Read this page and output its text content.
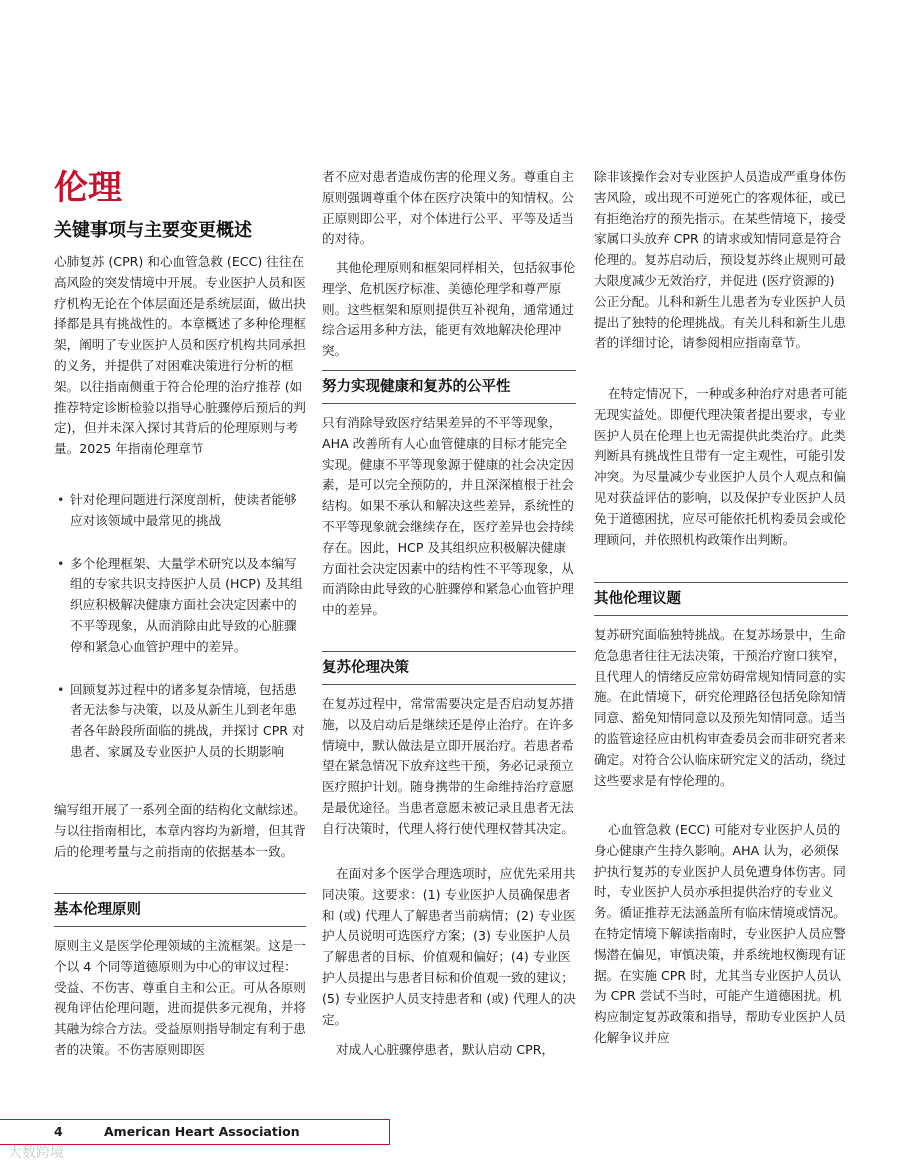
伦理
关键事项与主要变更概述

心肺复苏 (CPR) 和心血管急救 (ECC) 往往在高风险的突发情境中开展。专业医护人员和医疗机构无论在个体层面还是系统层面，做出抉择都是具有挑战性的。本章概述了多种伦理框架，阐明了专业医护人员和医疗机构共同承担的义务，并提供了对困难决策进行分析的框架。以往指南侧重于符合伦理的治疗推荐 (如推荐特定诊断检验以指导心脏骤停后预后的判定)，但并未深入探讨其背后的伦理原则与考量。2025 年指南伦理章节

• 针对伦理问题进行深度剖析，使读者能够应对该领域中最常见的挑战
• 多个伦理框架、大量学术研究以及本编写组的专家共识支持医护人员 (HCP) 及其组织应积极解决健康方面社会决定因素中的不平等现象，从而消除由此导致的心脏骤停和紧急心血管护理中的差异。
• 回顾复苏过程中的诸多复杂情境，包括患者无法参与决策，以及从新生儿到老年患者各年龄段所面临的挑战，并探讨 CPR 对患者、家属及专业医护人员的长期影响

编写组开展了一系列全面的结构化文献综述。与以往指南相比，本章内容均为新增，但其背后的伦理考量与之前指南的依据基本一致。

基本伦理原则

原则主义是医学伦理领域的主流框架。这是一个以 4 个同等道德原则为中心的审议过程：受益、不伤害、尊重自主和公正。可从各原则视角评估伦理问题，进而提供多元视角，并将其融为综合方法。受益原则指导制定有利于患者的决策。不伤害原则即医

者不应对患者造成伤害的伦理义务。尊重自主原则强调尊重个体在医疗决策中的知情权。公正原则即公平，对个体进行公平、平等及适当的对待。

其他伦理原则和框架同样相关，包括叙事伦理学、危机医疗标准、美德伦理学和尊严原则。这些框架和原则提供互补视角，通常通过综合运用多种方法，能更有效地解决伦理冲突。

努力实现健康和复苏的公平性

只有消除导致医疗结果差异的不平等现象，AHA 改善所有人心血管健康的目标才能完全实现。健康不平等现象源于健康的社会决定因素，是可以完全预防的，并且深深植根于社会结构。如果不承认和解决这些差异，系统性的不平等现象就会继续存在，医疗差异也会持续存在。因此，HCP 及其组织应积极解决健康方面社会决定因素中的结构性不平等现象，从而消除由此导致的心脏骤停和紧急心血管护理中的差异。

复苏伦理决策

在复苏过程中，常常需要决定是否启动复苏措施，以及启动后是继续还是停止治疗。在许多情境中，默认做法是立即开展治疗。若患者希望在紧急情况下放弃这些干预，务必记录预立医疗照护计划。随身携带的生命维持治疗意愿是最优途径。当患者意愿未被记录且患者无法自行决策时，代理人将行使代理权替其决定。

在面对多个医学合理选项时，应优先采用共同决策。这要求：(1) 专业医护人员确保患者和 (或) 代理人了解患者当前病情；(2) 专业医护人员说明可选医疗方案；(3) 专业医护人员了解患者的目标、价值观和偏好；(4) 专业医护人员提出与患者目标和价值观一致的建议；(5) 专业医护人员支持患者和 (或) 代理人的决定。

对成人心脏骤停患者，默认启动 CPR，

除非该操作会对专业医护人员造成严重身体伤害风险，或出现不可逆死亡的客观体征，或已有拒绝治疗的预先指示。在某些情境下，接受家属口头放弃 CPR 的请求或知情同意是符合伦理的。复苏启动后，预设复苏终止规则可最大限度减少无效治疗，并促进 (医疗资源的) 公正分配。儿科和新生儿患者为专业医护人员提出了独特的伦理挑战。有关儿科和新生儿患者的详细讨论，请参阅相应指南章节。

在特定情况下，一种或多种治疗对患者可能无现实益处。即便代理决策者提出要求，专业医护人员在伦理上也无需提供此类治疗。此类判断具有挑战性且带有一定主观性，可能引发冲突。为尽量减少专业医护人员个人观点和偏见对获益评估的影响，以及保护专业医护人员免于道德困扰，应尽可能依托机构委员会或伦理顾问，并依照机构政策作出判断。

其他伦理议题

复苏研究面临独特挑战。在复苏场景中，生命危急患者往往无法决策，干预治疗窗口狭窄，且代理人的情绪反应常妨碍常规知情同意的实施。在此情境下，研究伦理路径包括免除知情同意、豁免知情同意以及预先知情同意。适当的监管途径应由机构审查委员会而非研究者来确定。对符合公认临床研究定义的活动，绕过这些要求是有悖伦理的。

心血管急救 (ECC) 可能对专业医护人员的身心健康产生持久影响。AHA 认为，必须保护执行复苏的专业医护人员免遭身体伤害。同时，专业医护人员亦承担提供治疗的专业义务。循证推荐无法涵盖所有临床情境或情况。在特定情境下解读指南时，专业医护人员应警惕潜在偏见，审慎决策，并系统地权衡现有证据。在实施 CPR 时，尤其当专业医护人员认为 CPR 尝试不当时，可能产生道德困扰。机构应制定复苏政策和指导，帮助专业医护人员化解争议并应

4	American Heart Association
大数跨境
